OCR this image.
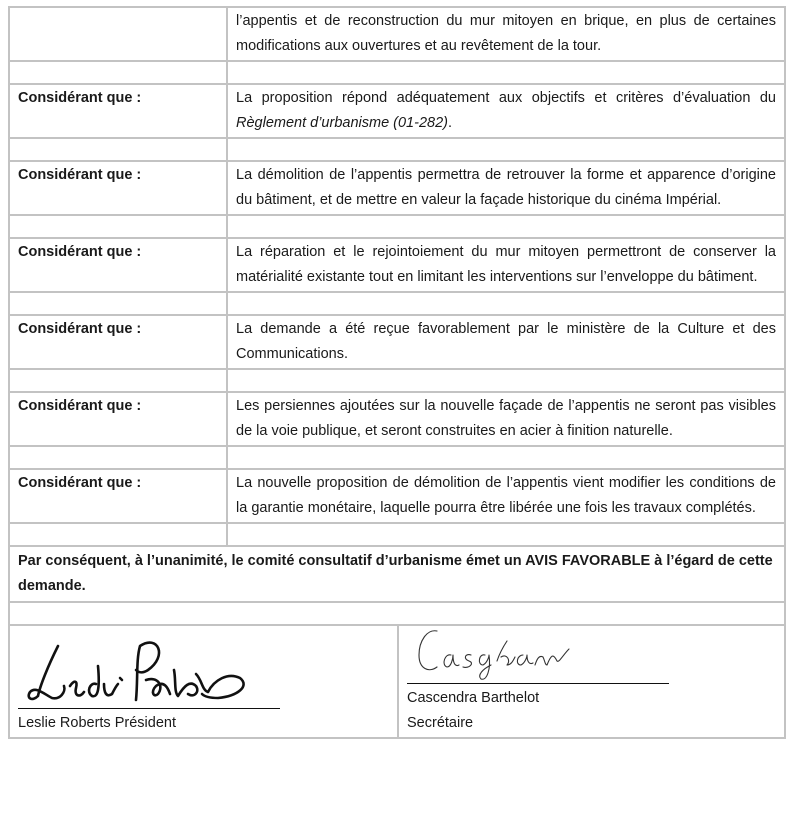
	l’appentis et de reconstruction du mur mitoyen en brique, en plus de certaines modifications aux ouvertures et au revêtement de la tour.

Considérant que :	La proposition répond adéquatement aux objectifs et critères d’évaluation du Règlement d’urbanisme (01-282).

Considérant que :	La démolition de l’appentis permettra de retrouver la forme et apparence d’origine du bâtiment, et de mettre en valeur la façade historique du cinéma Impérial.

Considérant que :	La réparation et le rejointoiement du mur mitoyen permettront de conserver la matérialité existante tout en limitant les interventions sur l’enveloppe du bâtiment.

Considérant que :	La demande a été reçue favorablement par le ministère de la Culture et des Communications.

Considérant que :	Les persiennes ajoutées sur la nouvelle façade de l’appentis ne seront pas visibles de la voie publique, et seront construites en acier à finition naturelle.

Considérant que :	La nouvelle proposition de démolition de l’appentis vient modifier les conditions de la garantie monétaire, laquelle pourra être libérée une fois les travaux complétés.

Par conséquent, à l’unanimité, le comité consultatif d’urbanisme émet un AVIS FAVORABLE à l’égard de cette demande.	

Leslie Roberts Président

Cascendra Barthelot
Secrétaire
